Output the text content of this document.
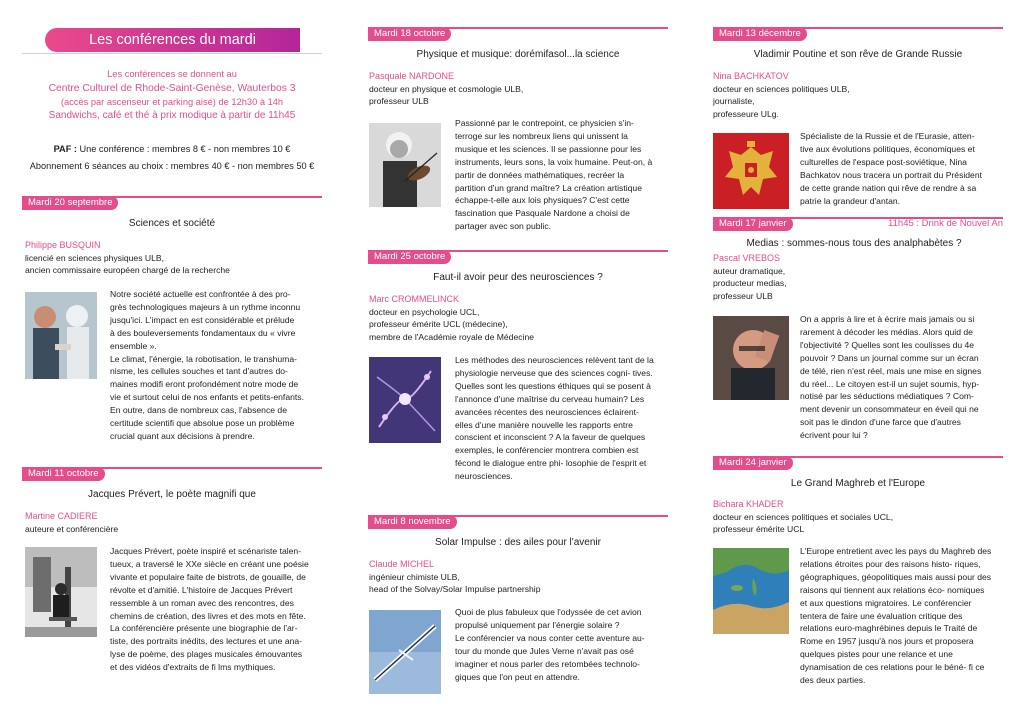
Les conférences du mardi
Les conférences se donnent au
Centre Culturel de Rhode-Saint-Genèse, Wauterbos 3
(accès par ascenseur et parking aisé) de 12h30 à 14h
Sandwichs, café et thé à prix modique à partir de 11h45
PAF : Une conférence : membres 8 € - non membres 10 €
Abonnement 6 séances au choix : membres 40 € - non membres 50 €
Mardi 20 septembre
Sciences et société
Philippe BUSQUIN
licencié en sciences physiques ULB,
ancien commissaire européen chargé de la recherche
Notre société actuelle est confrontée à des pro-
grès technologiques majeurs à un rythme inconnu
jusqu'ici. L'impact en est considérable et prélude
à des bouleversements fondamentaux du « vivre
ensemble ».
Le climat, l'énergie, la robotisation, le transhuma-
nisme, les cellules souches et tant d'autres do-
maines modifi eront profondément notre mode de
vie et surtout celui de nos enfants et petits-enfants.
En outre, dans de nombreux cas, l'absence de
certitude scientifi que absolue pose un problème
crucial quant aux décisions à prendre.
Mardi 11 octobre
Jacques Prévert, le poète magnifi que
Martine CADIERE
auteure et conférencière
Jacques Prévert, poète inspiré et scénariste talen-
tueux, a traversé le XXe siècle en créant une poésie
vivante et populaire faite de bistrots, de gouaille, de
révolte et d'amitié. L'histoire de Jacques Prévert
ressemble à un roman avec des rencontres, des
chemins de création, des livres et des mots en fête.
La conférencière présente une biographie de l'ar-
tiste, des portraits inédits, des lectures et une ana-
lyse de poème, des plages musicales émouvantes
et des vidéos d'extraits de fi lms mythiques.
Mardi 18 octobre
Physique et musique: dorémifasol...la science
Pasquale NARDONE
docteur en physique et cosmologie ULB,
professeur ULB
Passionné par le contrepoint, ce physicien s'in-
terroge sur les nombreux liens qui unissent la
musique et les sciences. Il se passionne pour les
instruments, leurs sons, la voix humaine. Peut-on, à
partir de données mathématiques, recréer la
partition d'un grand maître? La création artistique
échappe-t-elle aux lois physiques? C'est cette
fascination que Pasquale Nardone a choisi de
partager avec son public.
Mardi 25 octobre
Faut-il avoir peur des neurosciences ?
Marc CROMMELINCK
docteur en psychologie UCL,
professeur émérite UCL (médecine),
membre de l'Académie royale de Médecine
Les méthodes des neurosciences relèvent tant de la
physiologie nerveuse que des sciences cogni- tives.
Quelles sont les questions éthiques qui se posent à
l'annonce d'une maîtrise du cerveau humain? Les
avancées récentes des neurosciences éclairent-
elles d'une manière nouvelle les rapports entre
conscient et inconscient ? A la faveur de quelques
exemples, le conférencier montrera combien est
fécond le dialogue entre phi- losophie de l'esprit et
neurosciences.
Mardi 8 novembre
Solar Impulse : des ailes pour l'avenir
Claude MICHEL
ingénieur chimiste ULB,
head of the Solvay/Solar Impulse partnership
Quoi de plus fabuleux que l'odyssée de cet avion
propulsé uniquement par l'énergie solaire ?
Le conférencier va nous conter cette aventure au-
tour du monde que Jules Verne n'avait pas osé
imaginer et nous parler des retombées technolo-
giques que l'on peut en attendre.
Mardi 13 décembre
Vladimir Poutine et son rêve de Grande Russie
Nina BACHKATOV
docteur en sciences politiques ULB,
journaliste,
professeure ULg.
Spécialiste de la Russie et de l'Eurasie, atten-
tive aux évolutions politiques, économiques et
culturelles de l'espace post-soviétique, Nina
Bachkatov nous tracera un portrait du Président
de cette grande nation qui rêve de rendre à sa
patrie la grandeur d'antan.
Mardi 17 janvier	11h45 : Drink de Nouvel An
Medias : sommes-nous tous des analphabètes ?
Pascal VREBOS
auteur dramatique,
producteur medias,
professeur ULB
On a appris à lire et à écrire mais jamais ou si
rarement à décoder les médias. Alors quid de
l'objectivité ? Quelles sont les coulisses du 4e
pouvoir ? Dans un journal comme sur un écran
de télé, rien n'est réel, mais une mise en signes
du réel... Le citoyen est-il un sujet soumis, hyp-
notisé par les séductions médiatiques ? Com-
ment devenir un consommateur en éveil qui ne
soit pas le dindon d'une farce que d'autres
écrivent pour lui ?
Mardi 24 janvier
Le Grand Maghreb et l'Europe
Bichara KHADER
docteur en sciences politiques et sociales UCL,
professeur émérite UCL
L'Europe entretient avec les pays du Maghreb des
relations étroites pour des raisons histo- riques,
géographiques, géopolitiques mais aussi pour des
raisons qui tiennent aux relations éco- nomiques
et aux questions migratoires. Le conférencier
tentera de faire une évaluation critique des
relations euro-maghrébines depuis le Traité de
Rome en 1957 jusqu'à nos jours et proposera
quelques pistes pour une relance et une
dynamisation de ces relations pour le béné- fi ce
des deux parties.
